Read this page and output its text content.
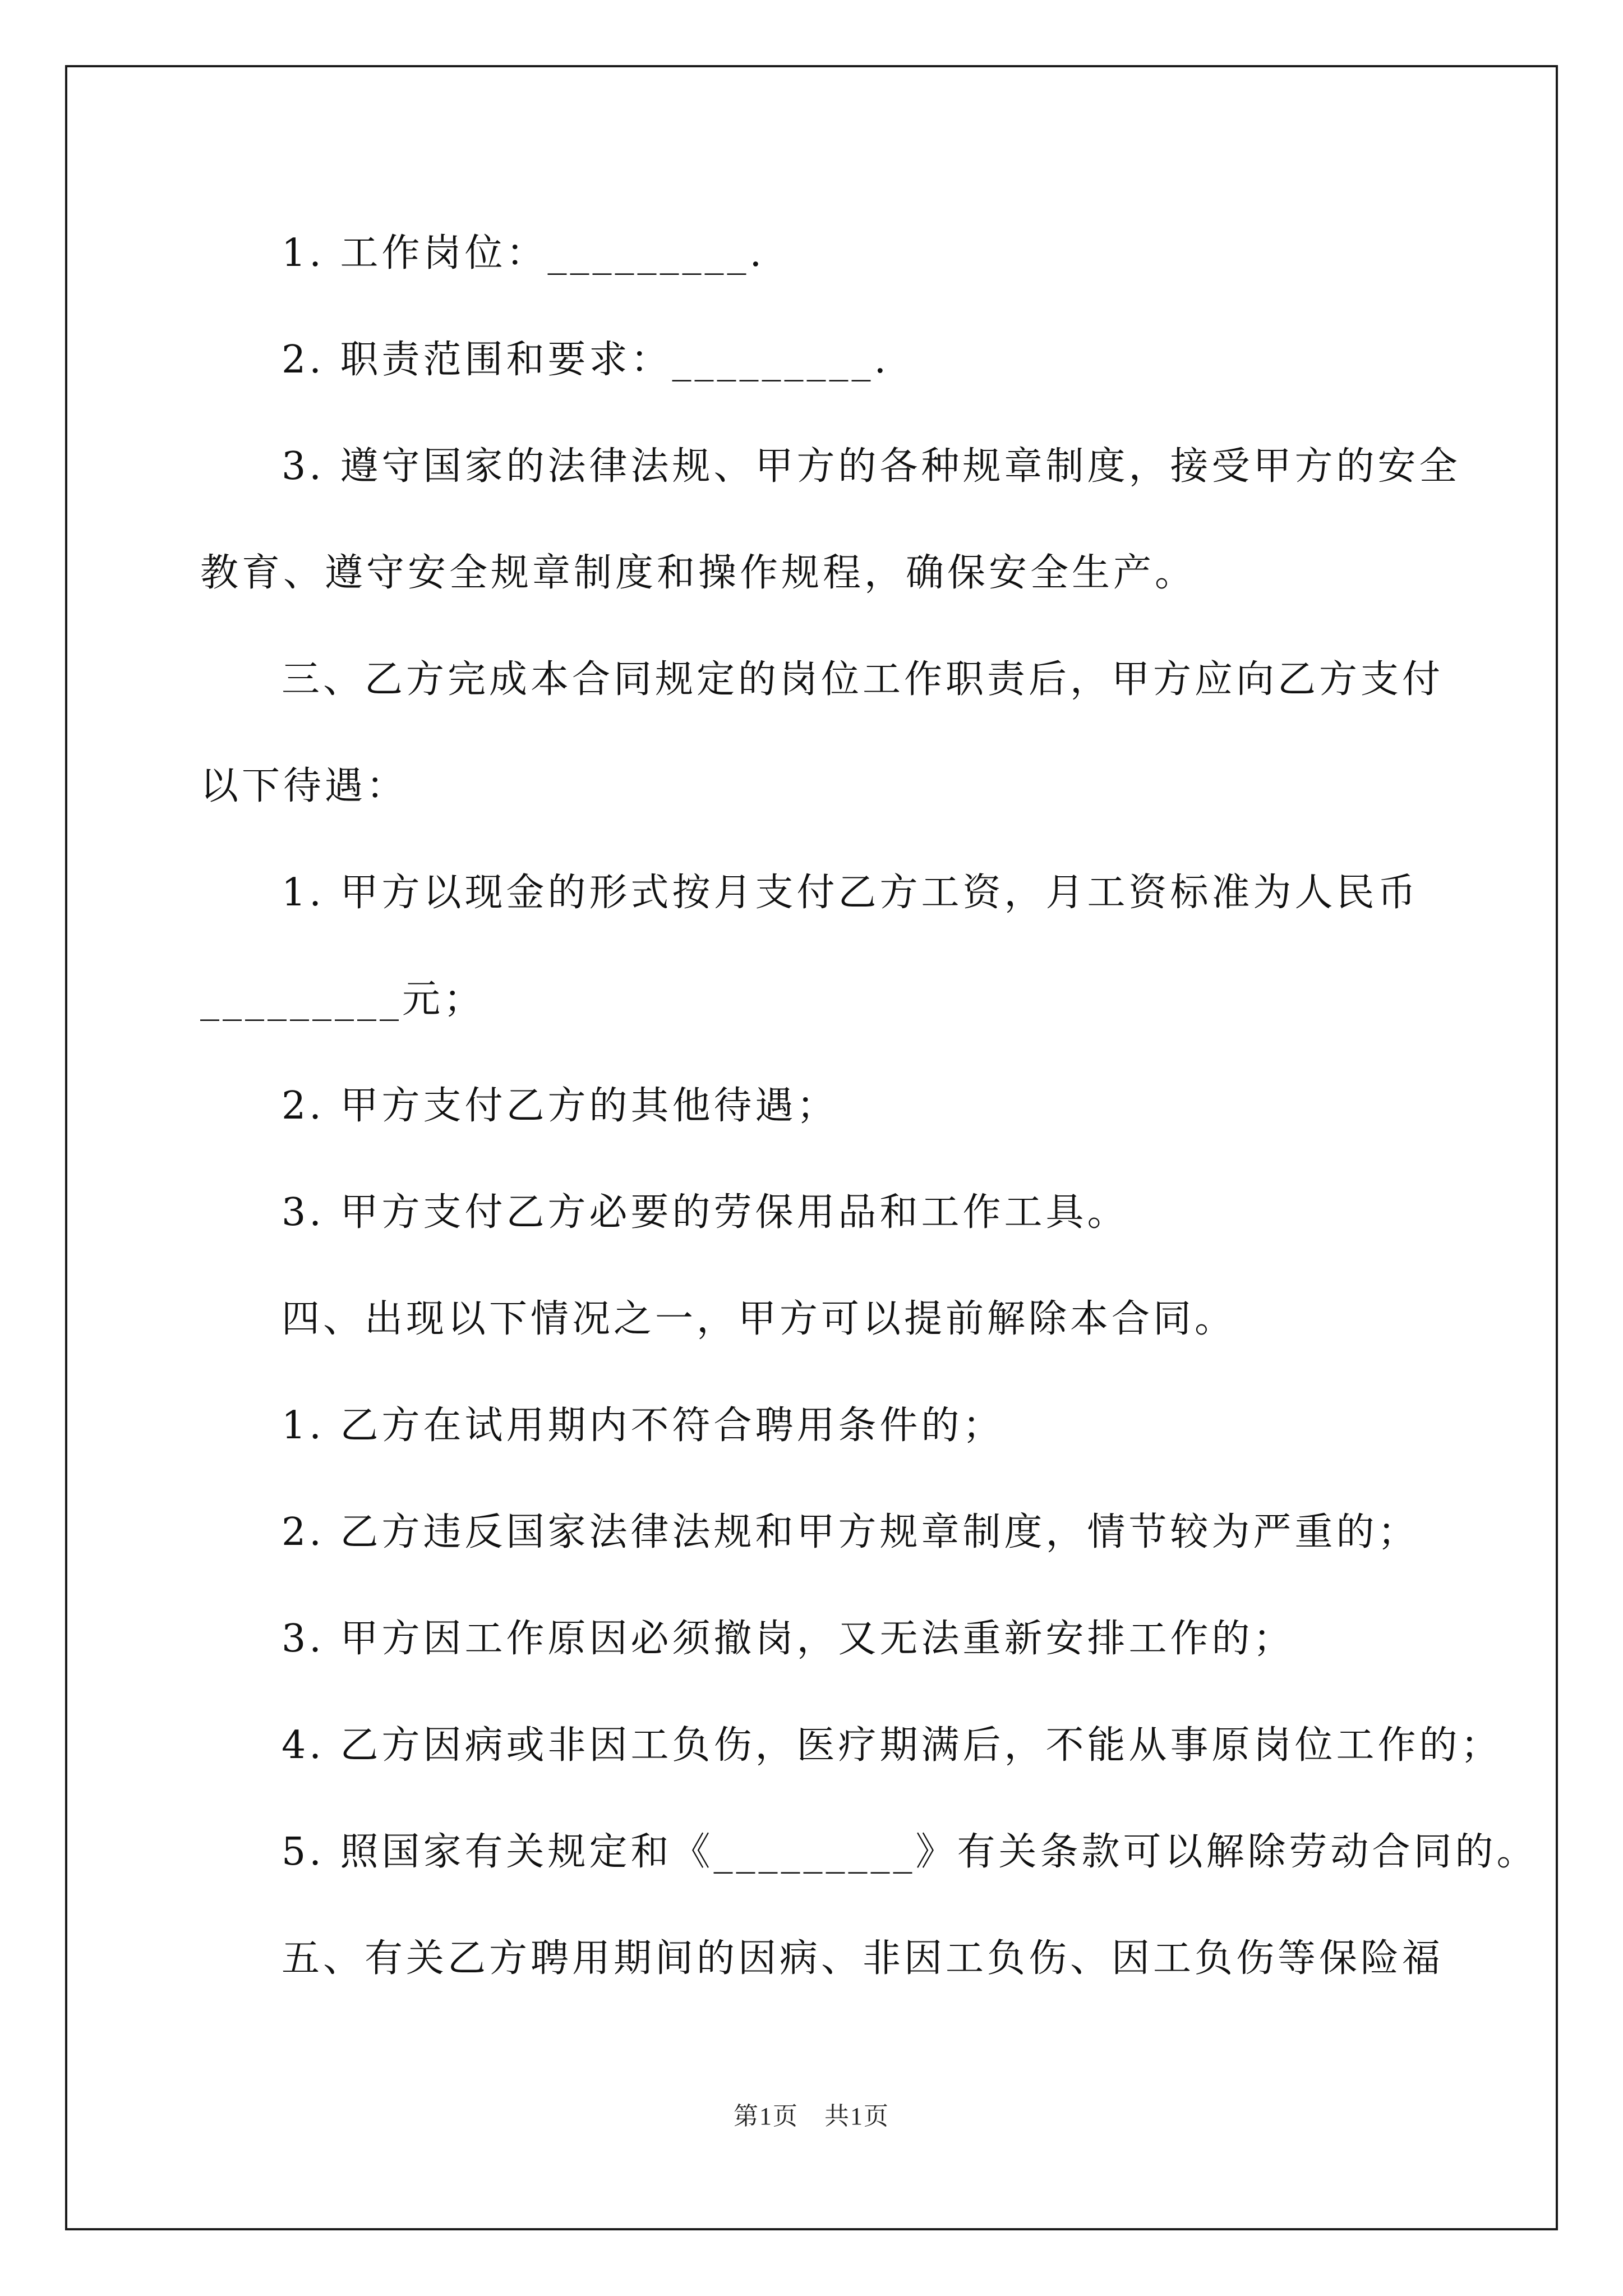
1. 工作岗位：_________.
2. 职责范围和要求：_________.
3. 遵守国家的法律法规、甲方的各种规章制度，接受甲方的安全
教育、遵守安全规章制度和操作规程，确保安全生产。
三、乙方完成本合同规定的岗位工作职责后，甲方应向乙方支付
以下待遇：
1. 甲方以现金的形式按月支付乙方工资，月工资标准为人民币
_________元；
2. 甲方支付乙方的其他待遇；
3. 甲方支付乙方必要的劳保用品和工作工具。
四、出现以下情况之一，甲方可以提前解除本合同。
1. 乙方在试用期内不符合聘用条件的；
2. 乙方违反国家法律法规和甲方规章制度，情节较为严重的；
3. 甲方因工作原因必须撤岗，又无法重新安排工作的；
4. 乙方因病或非因工负伤，医疗期满后，不能从事原岗位工作的；
5. 照国家有关规定和《_________》有关条款可以解除劳动合同的。
五、有关乙方聘用期间的因病、非因工负伤、因工负伤等保险福
第1页　共1页
